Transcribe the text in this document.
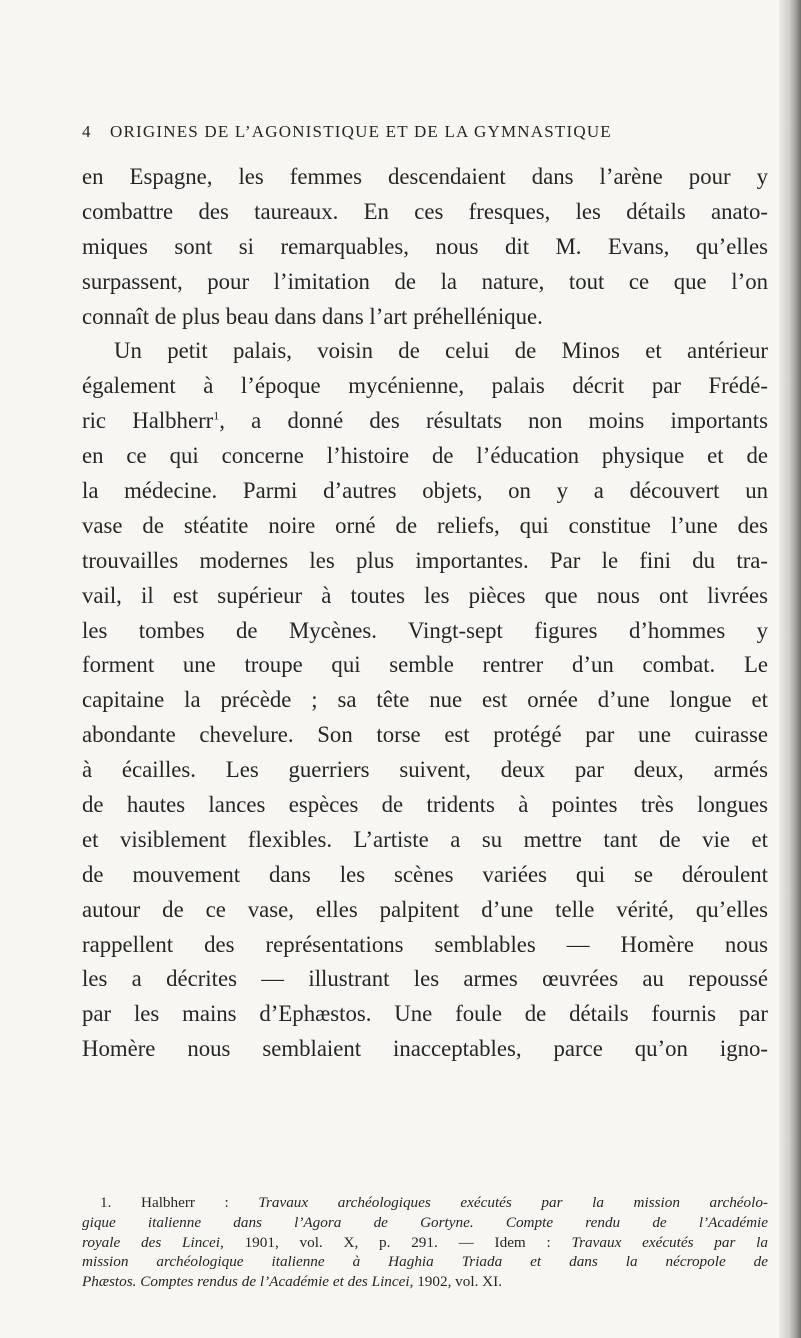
4 ORIGINES DE L’AGONISTIQUE ET DE LA GYMNASTIQUE
en Espagne, les femmes descendaient dans l’arène pour y
combattre des taureaux. En ces fresques, les détails anato-
miques sont si remarquables, nous dit M. Evans, qu’elles
surpassent, pour l’imitation de la nature, tout ce que l’on
connaît de plus beau dans dans l’art préhellénique.
Un petit palais, voisin de celui de Minos et antérieur
également à l’époque mycénienne, palais décrit par Frédé-
ric Halbherr$^1$, a donné des résultats non moins importants
en ce qui concerne l’histoire de l’éducation physique et de
la médecine. Parmi d’autres objets, on y a découvert un
vase de stéatite noire orné de reliefs, qui constitue l’une des
trouvailles modernes les plus importantes. Par le fini du tra-
vail, il est supérieur à toutes les pièces que nous ont livrées
les tombes de Mycènes. Vingt-sept figures d’hommes y
forment une troupe qui semble rentrer d’un combat. Le
capitaine la précède ; sa tête nue est ornée d’une longue et
abondante chevelure. Son torse est protégé par une cuirasse
à écailles. Les guerriers suivent, deux par deux, armés
de hautes lances espèces de tridents à pointes très longues
et visiblement flexibles. L’artiste a su mettre tant de vie et
de mouvement dans les scènes variées qui se déroulent
autour de ce vase, elles palpitent d’une telle vérité, qu’elles
rappellent des représentations semblables — Homère nous
les a décrites — illustrant les armes œuvrées au repoussé
par les mains d’Ephæstos. Une foule de détails fournis par
Homère nous semblaient inacceptables, parce qu’on igno-
1. Halbherr : Travaux archéologiques exécutés par la mission archéolo-
gique italienne dans l’Agora de Gortyne. Compte rendu de l’Académie
royale des Lincei, 1901, vol. X, p. 291. — Idem : Travaux exécutés par la
mission archéologique italienne à Haghia Triada et dans la nécropole de
Phæstos. Comptes rendus de l’Académie et des Lincei, 1902, vol. XI.
